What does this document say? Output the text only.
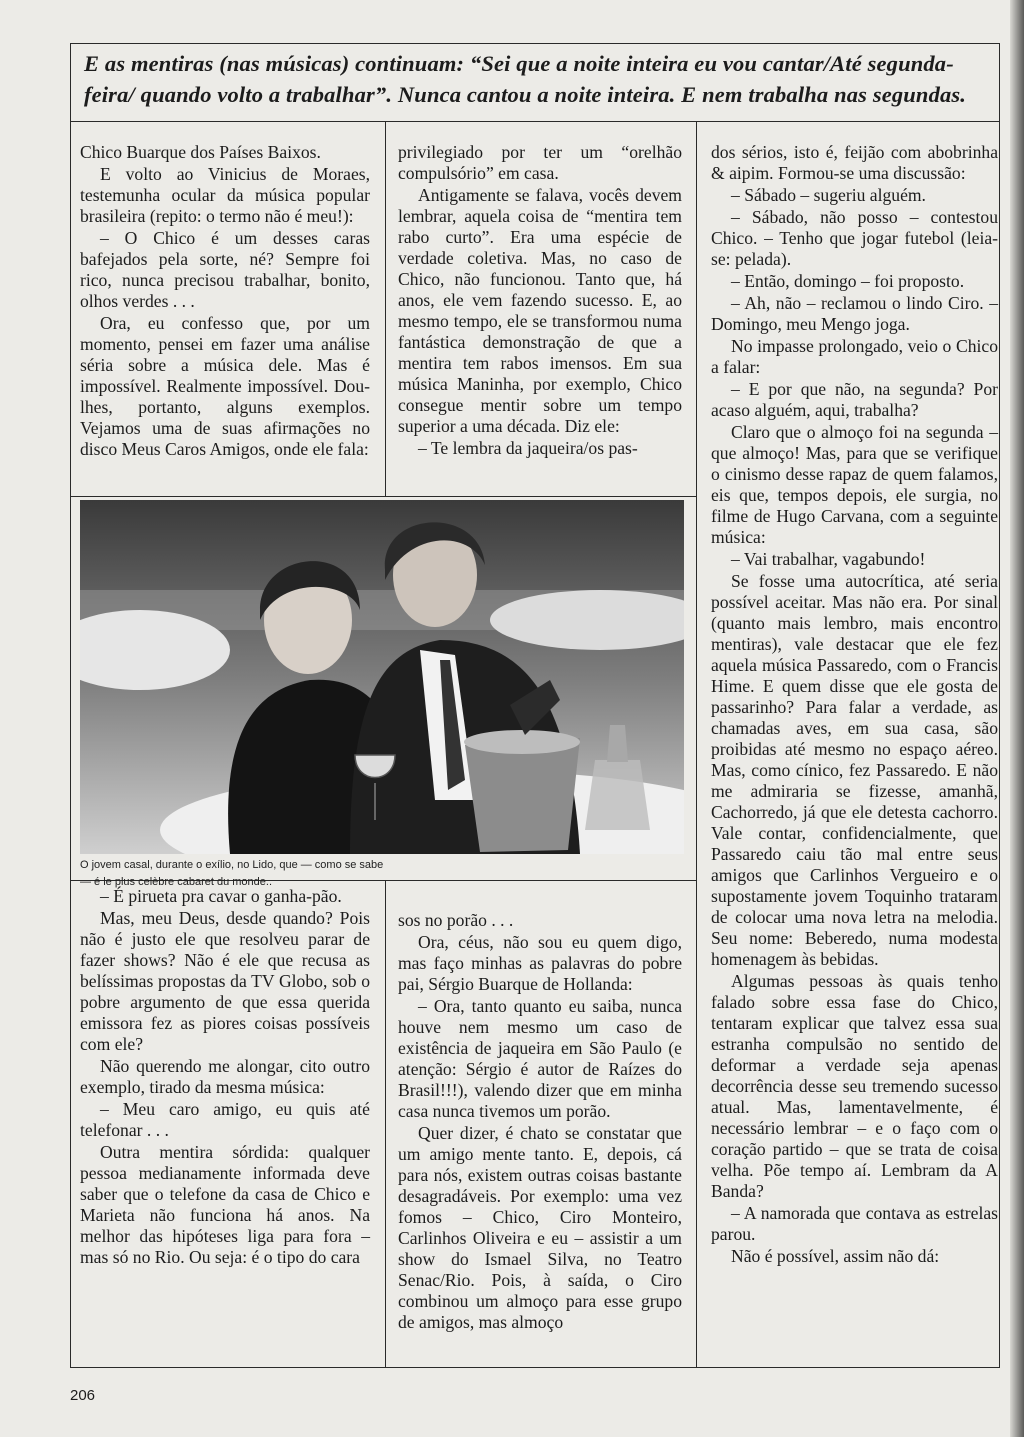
E as mentiras (nas músicas) continuam: “Sei que a noite inteira eu vou cantar/Até segunda-feira/ quando volto a trabalhar”. Nunca cantou a noite inteira. E nem trabalha nas segundas.

Chico Buarque dos Países Baixos.

E volto ao Vinicius de Moraes, testemunha ocular da música popular brasileira (repito: o termo não é meu!):

– O Chico é um desses caras bafejados pela sorte, né? Sempre foi rico, nunca precisou trabalhar, bonito, olhos verdes . . .

Ora, eu confesso que, por um momento, pensei em fazer uma análise séria sobre a música dele. Mas é impossível. Realmente impossível. Dou-lhes, portanto, alguns exemplos. Vejamos uma de suas afirmações no disco Meus Caros Amigos, onde ele fala:

privilegiado por ter um “orelhão compulsório” em casa.

Antigamente se falava, vocês devem lembrar, aquela coisa de “mentira tem rabo curto”. Era uma espécie de verdade coletiva. Mas, no caso de Chico, não funcionou. Tanto que, há anos, ele vem fazendo sucesso. E, ao mesmo tempo, ele se transformou numa fantástica demonstração de que a mentira tem rabos imensos. Em sua música Maninha, por exemplo, Chico consegue mentir sobre um tempo superior a uma década. Diz ele:

– Te lembra da jaqueira/os pas-

dos sérios, isto é, feijão com abobrinha & aipim. Formou-se uma discussão:

– Sábado – sugeriu alguém.

– Sábado, não posso – contestou Chico. – Tenho que jogar futebol (leia-se: pelada).

– Então, domingo – foi proposto.

– Ah, não – reclamou o lindo Ciro. – Domingo, meu Mengo joga.

No impasse prolongado, veio o Chico a falar:

– E por que não, na segunda? Por acaso alguém, aqui, trabalha?

Claro que o almoço foi na segunda – que almoço! Mas, para que se verifique o cinismo desse rapaz de quem falamos, eis que, tempos depois, ele surgia, no filme de Hugo Carvana, com a seguinte música:

– Vai trabalhar, vagabundo!

Se fosse uma autocrítica, até seria possível aceitar. Mas não era. Por sinal (quanto mais lembro, mais encontro mentiras), vale destacar que ele fez aquela música Passaredo, com o Francis Hime. E quem disse que ele gosta de passarinho? Para falar a verdade, as chamadas aves, em sua casa, são proibidas até mesmo no espaço aéreo. Mas, como cínico, fez Passaredo. E não me admiraria se fizesse, amanhã, Cachorredo, já que ele detesta cachorro. Vale contar, confidencialmente, que Passaredo caiu tão mal entre seus amigos que Carlinhos Vergueiro e o supostamente jovem Toquinho trataram de colocar uma nova letra na melodia. Seu nome: Beberedo, numa modesta homenagem às bebidas.

Algumas pessoas às quais tenho falado sobre essa fase do Chico, tentaram explicar que talvez essa sua estranha compulsão no sentido de deformar a verdade seja apenas decorrência desse seu tremendo sucesso atual. Mas, lamentavelmente, é necessário lembrar – e o faço com o coração partido – que se trata de coisa velha. Põe tempo aí. Lembram da A Banda?

– A namorada que contava as estrelas parou.

Não é possível, assim não dá:

O jovem casal, durante o exílio, no Lido, que — como se sabe
— é le plus celèbre cabaret du monde..

– É pirueta pra cavar o ganha-pão.

Mas, meu Deus, desde quando? Pois não é justo ele que resolveu parar de fazer shows? Não é ele que recusa as belíssimas propostas da TV Globo, sob o pobre argumento de que essa querida emissora fez as piores coisas possíveis com ele?

Não querendo me alongar, cito outro exemplo, tirado da mesma música:

– Meu caro amigo, eu quis até telefonar . . .

Outra mentira sórdida: qualquer pessoa medianamente informada deve saber que o telefone da casa de Chico e Marieta não funciona há anos. Na melhor das hipóteses liga para fora – mas só no Rio. Ou seja: é o tipo do cara

sos no porão . . .

Ora, céus, não sou eu quem digo, mas faço minhas as palavras do pobre pai, Sérgio Buarque de Hollanda:

– Ora, tanto quanto eu saiba, nunca houve nem mesmo um caso de existência de jaqueira em São Paulo (e atenção: Sérgio é autor de Raízes do Brasil!!!), valendo dizer que em minha casa nunca tivemos um porão.

Quer dizer, é chato se constatar que um amigo mente tanto. E, depois, cá para nós, existem outras coisas bastante desagradáveis. Por exemplo: uma vez fomos – Chico, Ciro Monteiro, Carlinhos Oliveira e eu – assistir a um show do Ismael Silva, no Teatro Senac/Rio. Pois, à saída, o Ciro combinou um almoço para esse grupo de amigos, mas almoço

206
